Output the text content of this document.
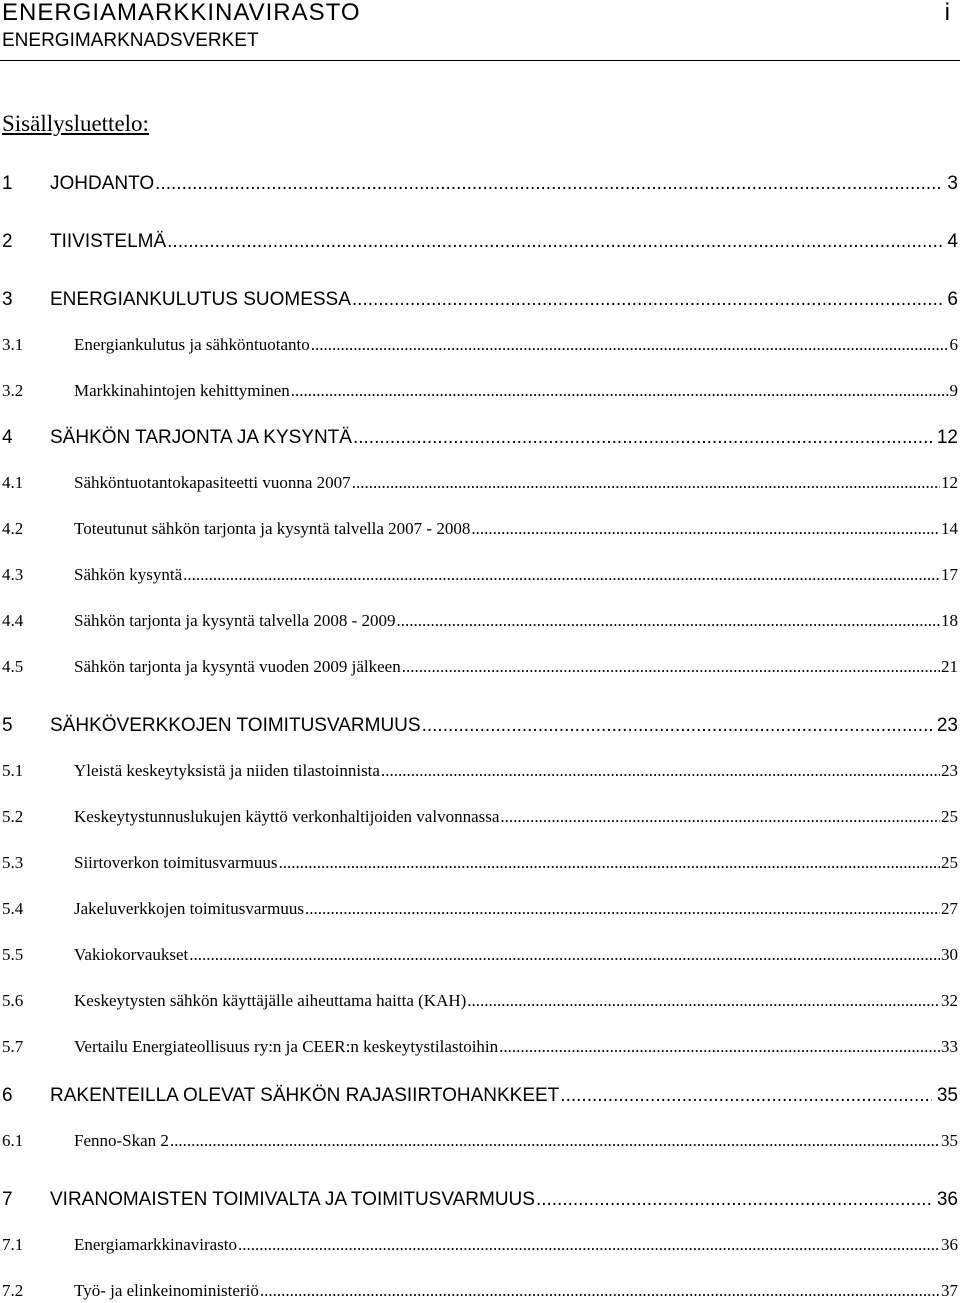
ENERGIAMARKKINAVIRASTO
ENERGIMARKNADSVERKET
i
Sisällysluettelo:
1	JOHDANTO .....	3
2	TIIVISTELMÄ .....	4
3	ENERGIANKULUTUS SUOMESSA .....	6
3.1	Energiankulutus ja sähköntuotanto .....	6
3.2	Markkinahintojen kehittyminen .....	9
4	SÄHKÖN TARJONTA JA KYSYNTÄ .....	12
4.1	Sähköntuotantokapasiteetti vuonna 2007 .....	12
4.2	Toteutunut sähkön tarjonta ja kysyntä talvella 2007 - 2008 .....	14
4.3	Sähkön kysyntä .....	17
4.4	Sähkön tarjonta ja kysyntä talvella 2008 - 2009 .....	18
4.5	Sähkön tarjonta ja kysyntä vuoden 2009 jälkeen .....	21
5	SÄHKÖVERKKOJEN TOIMITUSVARMUUS .....	23
5.1	Yleistä keskeytyksistä ja niiden tilastoinnista .....	23
5.2	Keskeytystunnuslukujen käyttö verkonhaltijoiden valvonnassa .....	25
5.3	Siirtoverkon toimitusvarmuus .....	25
5.4	Jakeluverkkojen toimitusvarmuus .....	27
5.5	Vakiokorvaukset .....	30
5.6	Keskeytysten sähkön käyttäjälle aiheuttama haitta (KAH) .....	32
5.7	Vertailu Energiateollisuus ry:n ja CEER:n keskeytystilastoihin .....	33
6	RAKENTEILLA OLEVAT SÄHKÖN RAJASIIRTOHANKKEET .....	35
6.1	Fenno-Skan 2 .....	35
7	VIRANOMAISTEN TOIMIVALTA JA TOIMITUSVARMUUS .....	36
7.1	Energiamarkkinavirasto .....	36
7.2	Työ- ja elinkeinoministeriö .....	37
